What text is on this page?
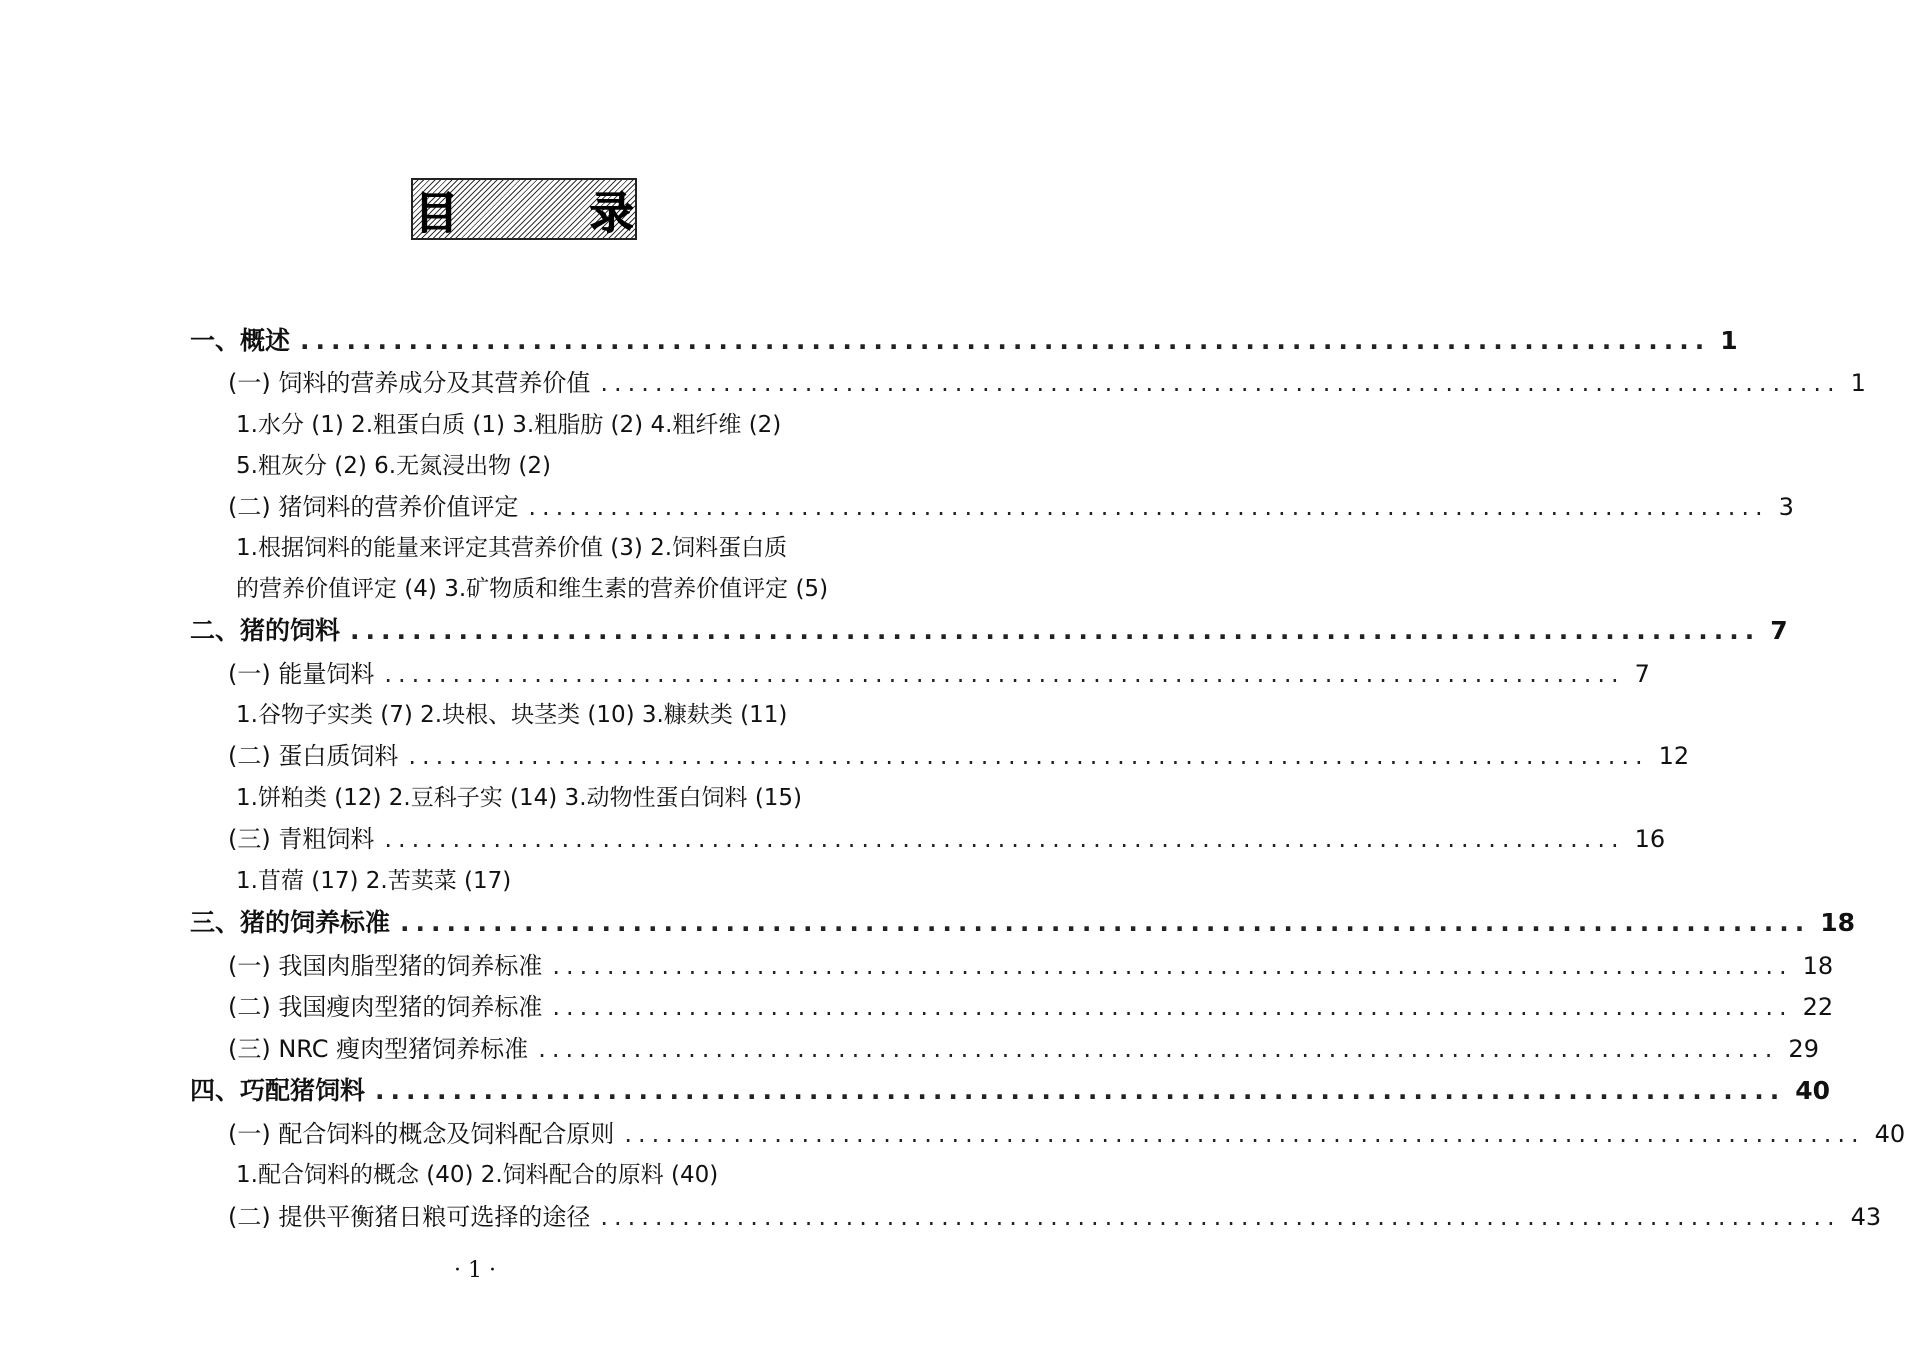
目 录
一、概述 ........................................................................................... 1
(一) 饲料的营养成分及其营养价值 ........................................................................................... 1
1.水分 (1) 2.粗蛋白质 (1) 3.粗脂肪 (2) 4.粗纤维 (2)
5.粗灰分 (2) 6.无氮浸出物 (2)
(二) 猪饲料的营养价值评定 ........................................................................................... 3
1.根据饲料的能量来评定其营养价值 (3) 2.饲料蛋白质
的营养价值评定 (4) 3.矿物质和维生素的营养价值评定 (5)
二、猪的饲料 ........................................................................................... 7
(一) 能量饲料 ........................................................................................... 7
1.谷物子实类 (7) 2.块根、块茎类 (10) 3.糠麸类 (11)
(二) 蛋白质饲料 ........................................................................................... 12
1.饼粕类 (12) 2.豆科子实 (14) 3.动物性蛋白饲料 (15)
(三) 青粗饲料 ........................................................................................... 16
1.苜蓿 (17) 2.苦荬菜 (17)
三、猪的饲养标准 ........................................................................................... 18
(一) 我国肉脂型猪的饲养标准 ........................................................................................... 18
(二) 我国瘦肉型猪的饲养标准 ........................................................................................... 22
(三) NRC 瘦肉型猪饲养标准 ........................................................................................... 29
四、巧配猪饲料 ........................................................................................... 40
(一) 配合饲料的概念及饲料配合原则 ........................................................................................... 40
1.配合饲料的概念 (40) 2.饲料配合的原料 (40)
(二) 提供平衡猪日粮可选择的途径 ........................................................................................... 43
· 1 ·
